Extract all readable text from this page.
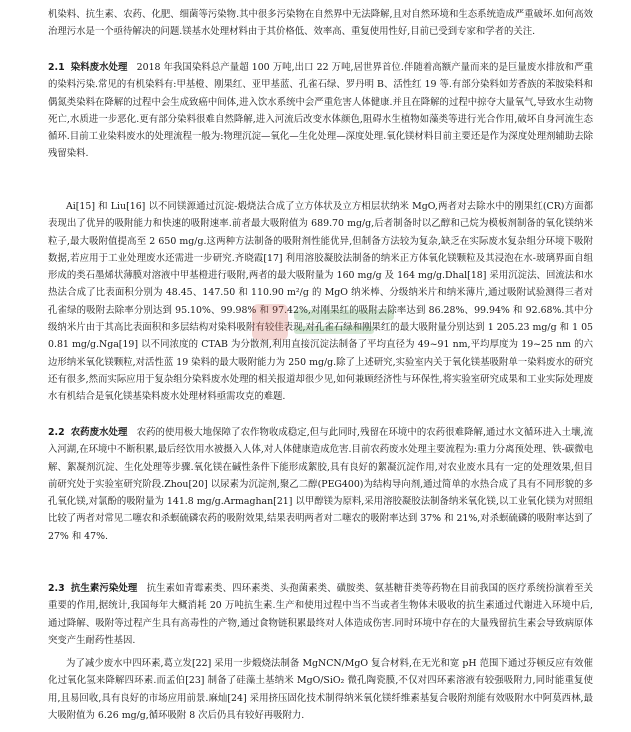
机染料、抗生素、农药、化肥、细菌等污染物.其中很多污染物在自然界中无法降解,且对自然环境和生态系统造成严重破坏.如何高效治理污水是一个亟待解决的问题.镁基水处理材料由于其价格低、效率高、重复使用性好,目前已受到专家和学者的关注.

2.1 染料废水处理 2018 年我国染料总产量超 100 万吨,出口 22 万吨,居世界首位.伴随着高额产量而来的是巨量废水排放和严重的染料污染.常见的有机染料有:甲基橙、刚果红、亚甲基蓝、孔雀石绿、罗丹明 B、活性红 19 等.有部分染料如芳香族的苯胺染料和偶氮类染料在降解的过程中会生成致癌中间体,进入饮水系统中会严重危害人体健康.并且在降解的过程中掠夺大量氧气,导致水生动物死亡,水质进一步恶化.更有部分染料很难自然降解,进入河流后改变水体颜色,阻碍水生植物如藻类等进行光合作用,破坏自身河流生态循环.目前工业染料废水的处理流程一般为:物理沉淀—氧化—生化处理—深度处理.氧化镁材料目前主要还是作为深度处理剂辅助去除残留染料.

Ai[15] 和 Liu[16] 以不同镁源通过沉淀-煅烧法合成了立方体状及立方相层状纳米 MgO,两者对去除水中的刚果红(CR)方面都表现出了优异的吸附能力和快速的吸附速率.前者最大吸附值为 689.70 mg/g,后者制备时以乙醇和己烷为模板剂制备的氧化镁纳米粒子,最大吸附值提高至 2 650 mg/g.这两种方法制备的吸附剂性能优异,但制备方法较为复杂,缺乏在实际废水复杂组分环境下吸附数据,若应用于工业处理废水还需进一步研究.齐晓霞[17] 利用溶胶凝胶法制备的纳米正方体氧化镁颗粒及其浸泡在水-玻璃界面自组形成的类石墨烯状薄膜对溶液中甲基橙进行吸附,两者的最大吸附量为 160 mg/g 及 164 mg/g.Dhal[18] 采用沉淀法、回流法和水热法合成了比表面积分别为 48.45、147.50 和 110.90 m²/g 的 MgO 纳米棒、分级纳米片和纳米薄片,通过吸附试验测得三者对孔雀绿的吸附去除率分别达到 95.10%、99.98% 和 97.42%,对刚果红的吸附去除率达到 86.28%、99.94% 和 92.68%.其中分级纳米片由于其高比表面积和多层结构对染料吸附有较佳表现,对孔雀石绿和刚果红的最大吸附量分别达到 1 205.23 mg/g 和 1 050.81 mg/g.Nga[19] 以不同浓度的 CTAB 为分散剂,利用直接沉淀法制备了平均直径为 49~91 nm,平均厚度为 19~25 nm 的六边形纳米氧化镁颗粒,对活性蓝 19 染料的最大吸附能力为 250 mg/g.除了上述研究,实验室内关于氧化镁基吸附单一染料废水的研究还有很多,然而实际应用于复杂组分染料废水处理的相关报道却很少见,如何兼顾经济性与环保性,将实验室研究成果和工业实际处理废水有机结合是氧化镁基染料废水处理材料亟需攻克的难题.

2.2 农药废水处理 农药的使用极大地保障了农作物收成稳定,但与此同时,残留在环境中的农药很难降解,通过水文循环进入土壤,流入河湖,在环境中不断积累,最后经饮用水被摄入人体,对人体健康造成危害.目前农药废水处理主要流程为:重力分离预处理、铁-碳微电解、絮凝剂沉淀、生化处理等步骤.氧化镁在碱性条件下能形成絮胶,具有良好的絮凝沉淀作用,对农业废水具有一定的处理效果,但目前研究处于实验室研究阶段.Zhou[20] 以尿素为沉淀剂,聚乙二醇(PEG400)为结构导向剂,通过简单的水热合成了具有不同形貌的多孔氧化镁,对氯酚的吸附量为 141.8 mg/g.Armaghan[21] 以甲醇镁为原料,采用溶胶凝胶法制备纳米氧化镁,以工业氧化镁为对照组比较了两者对常见二噻农和杀螟硫磷农药的吸附效果,结果表明两者对二噻农的吸附率达到 37% 和 21%,对杀螟硫磷的吸附率达到了 27% 和 47%.

2.3 抗生素污染处理 抗生素如青霉素类、四环素类、头孢菌素类、磺胺类、氨基糖苷类等药物在目前我国的医疗系统扮演着至关重要的作用,据统计,我国每年大概消耗 20 万吨抗生素.生产和使用过程中当不当或者生物体未吸收的抗生素通过代谢进入环境中后,通过降解、吸附等过程产生具有高毒性的产物,通过食物链积累最终对人体造成伤害.同时环境中存在的大量残留抗生素会导致病原体突变产生耐药性基因.

为了减少废水中四环素,葛立发[22] 采用一步煅烧法制备 MgNCN/MgO 复合材料,在无光和宽 pH 范围下通过芬顿反应有效催化过氧化氢来降解四环素.而孟伯[23] 制备了硅藻土基纳米 MgO/SiO₂ 微孔陶瓷膜,不仅对四环素溶液有较强吸附力,同时能重复使用,且易回收,具有良好的市场应用前景.麻灿[24] 采用挤压固化技术制得纳米氧化镁纤维素基复合吸附剂能有效吸附水中阿莫西林,最大吸附值为 6.26 mg/g,循环吸附 8 次后仍具有较好再吸附力.
